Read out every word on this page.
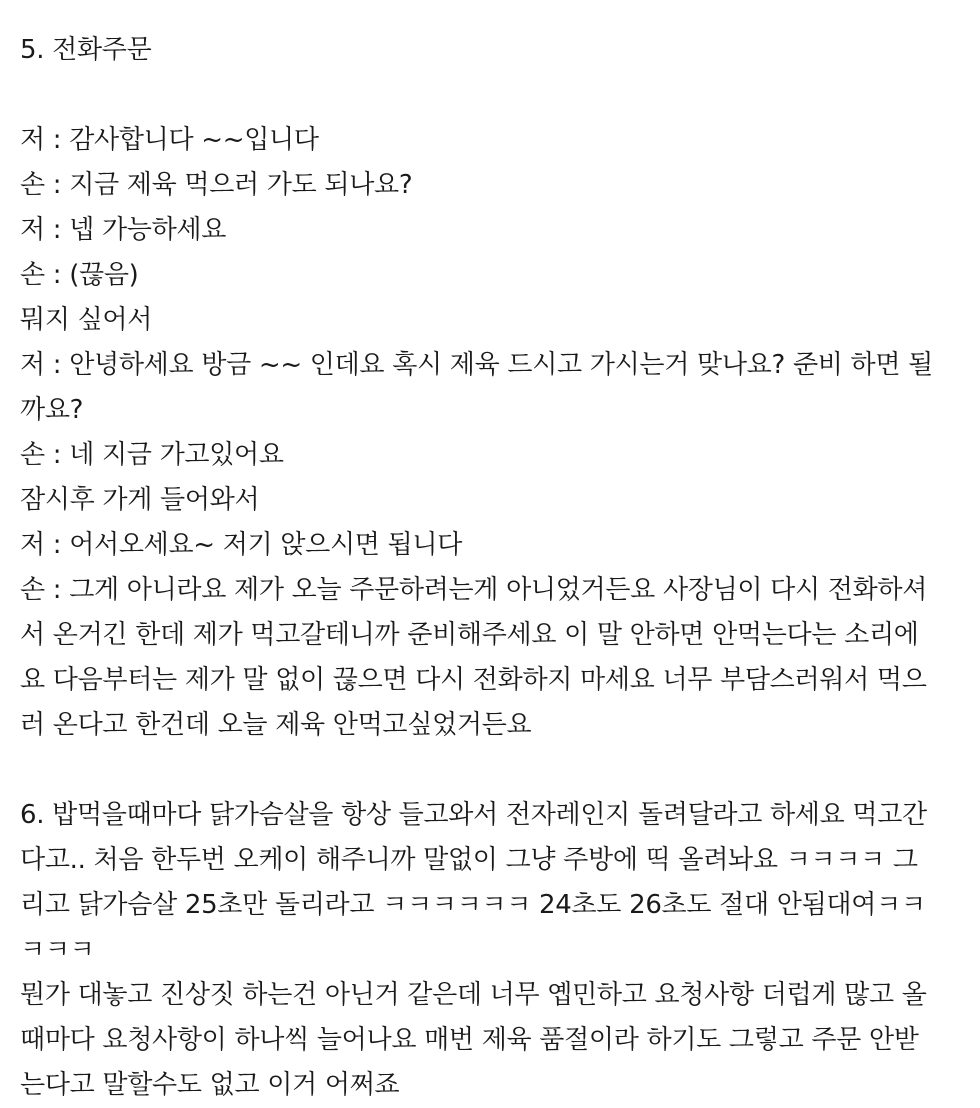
5. 전화주문
저 : 감사합니다 ~~입니다
손 : 지금 제육 먹으러 가도 되나요?
저 : 넵 가능하세요
손 : (끊음)
뭐지 싶어서
저 : 안녕하세요 방금 ~~ 인데요 혹시 제육 드시고 가시는거 맞나요? 준비 하면 될
까요?
손 : 네 지금 가고있어요
잠시후 가게 들어와서
저 : 어서오세요~ 저기 앉으시면 됩니다
손 : 그게 아니라요 제가 오늘 주문하려는게 아니었거든요 사장님이 다시 전화하셔
서 온거긴 한데 제가 먹고갈테니까 준비해주세요 이 말 안하면 안먹는다는 소리에
요 다음부터는 제가 말 없이 끊으면 다시 전화하지 마세요 너무 부담스러워서 먹으
러 온다고 한건데 오늘 제육 안먹고싶었거든요
6. 밥먹을때마다 닭가슴살을 항상 들고와서 전자레인지 돌려달라고 하세요 먹고간
다고.. 처음 한두번 오케이 해주니까 말없이 그냥 주방에 띡 올려놔요 ㅋㅋㅋㅋ 그
리고 닭가슴살 25초만 돌리라고 ㅋㅋㅋㅋㅋㅋ 24초도 26초도 절대 안됨대여ㅋㅋ
ㅋㅋㅋ
뭔가 대놓고 진상짓 하는건 아닌거 같은데 너무 옙민하고 요청사항 더럽게 많고 올
때마다 요청사항이 하나씩 늘어나요 매번 제육 품절이라 하기도 그렇고 주문 안받
는다고 말할수도 없고 이거 어쩌죠
